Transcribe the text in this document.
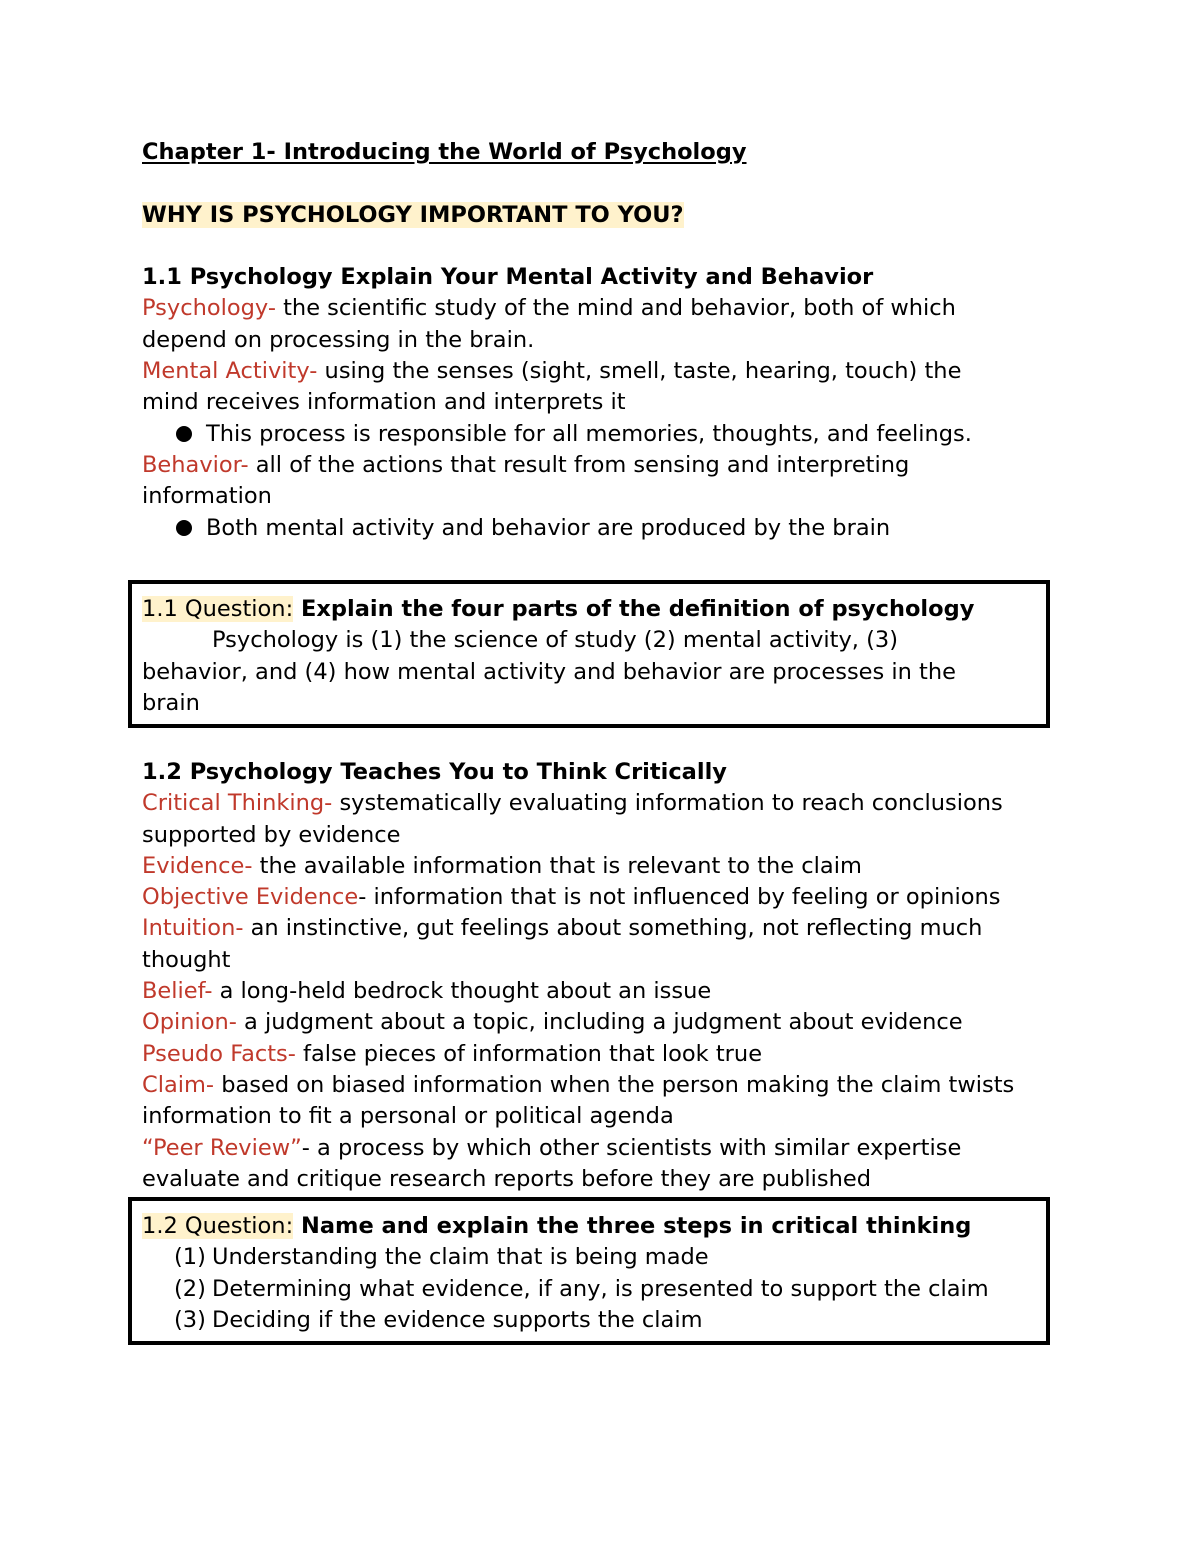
Chapter 1- Introducing the World of Psychology
WHY IS PSYCHOLOGY IMPORTANT TO YOU?
1.1 Psychology Explain Your Mental Activity and Behavior
Psychology- the scientific study of the mind and behavior, both of which
depend on processing in the brain.
Mental Activity- using the senses (sight, smell, taste, hearing, touch) the
mind receives information and interprets it
This process is responsible for all memories, thoughts, and feelings.
Behavior- all of the actions that result from sensing and interpreting
information
Both mental activity and behavior are produced by the brain
1.1 Question: Explain the four parts of the definition of psychology
Psychology is (1) the science of study (2) mental activity, (3)
behavior, and (4) how mental activity and behavior are processes in the
brain
1.2 Psychology Teaches You to Think Critically
Critical Thinking- systematically evaluating information to reach conclusions
supported by evidence
Evidence- the available information that is relevant to the claim
Objective Evidence- information that is not influenced by feeling or opinions
Intuition- an instinctive, gut feelings about something, not reflecting much
thought
Belief- a long-held bedrock thought about an issue
Opinion- a judgment about a topic, including a judgment about evidence
Pseudo Facts- false pieces of information that look true
Claim- based on biased information when the person making the claim twists
information to fit a personal or political agenda
“Peer Review”- a process by which other scientists with similar expertise
evaluate and critique research reports before they are published
1.2 Question: Name and explain the three steps in critical thinking
(1) Understanding the claim that is being made
(2) Determining what evidence, if any, is presented to support the claim
(3) Deciding if the evidence supports the claim
